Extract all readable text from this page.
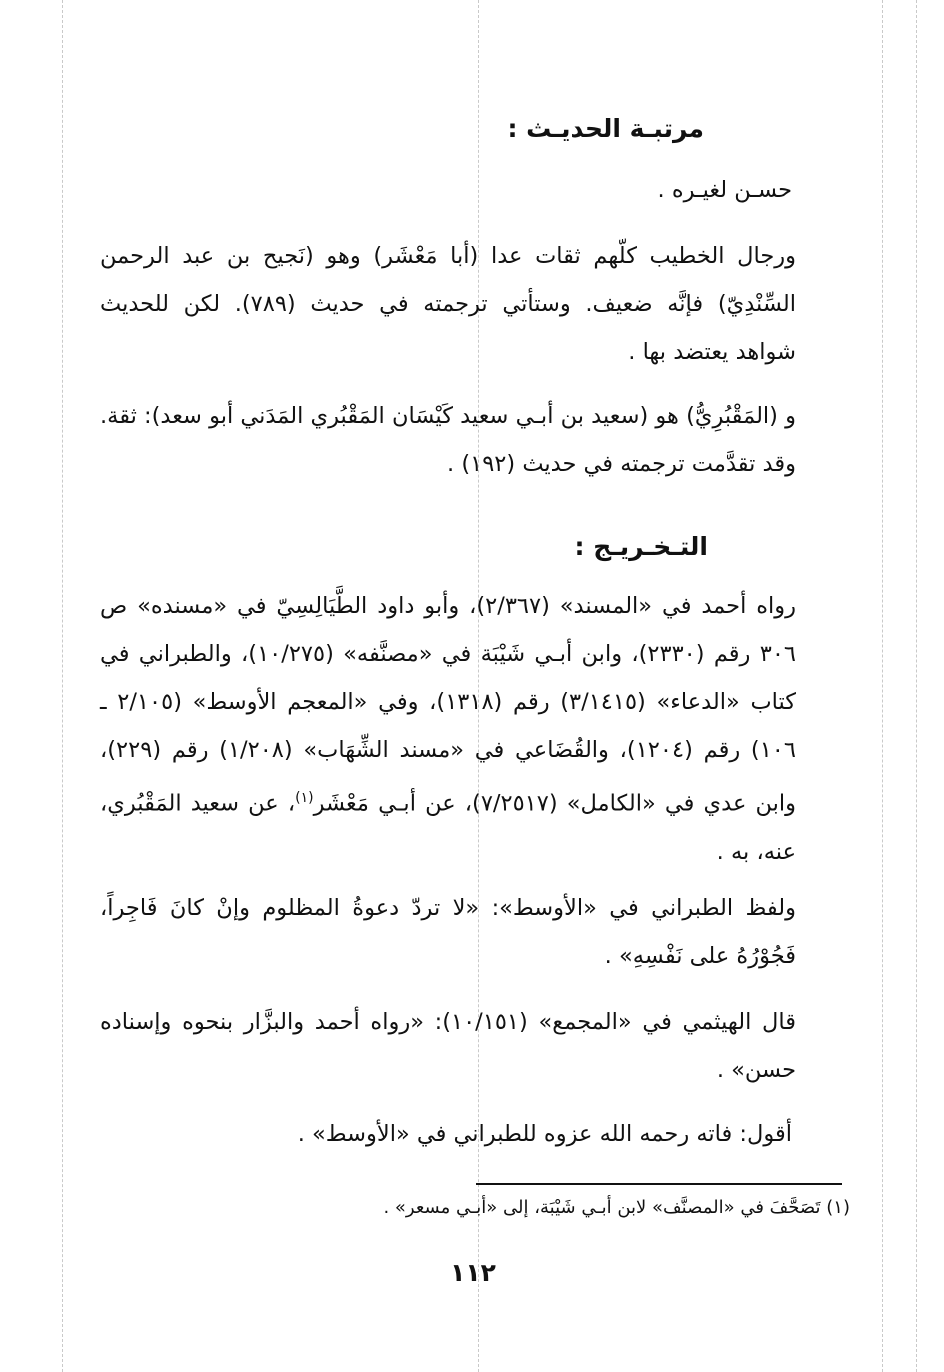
مرتبـة الحديـث :
حسـن لغيـره .
ورجال الخطيب كلّهم ثقات عدا (أبا مَعْشَر) وهو (نَجيح بن عبد الرحمن السِّنْدِيّ) فإنَّه ضعيف. وستأتي ترجمته في حديث (٧٨٩). لكن للحديث شواهد يعتضد بها .
و (المَقْبُرِيُّ) هو (سعيد بن أبـي سعيد كَيْسَان المَقْبُري المَدَني أبو سعد): ثقة. وقد تقدَّمت ترجمته في حديث (١٩٢) .
التـخـريـج :
رواه أحمد في «المسند» (٢/٣٦٧)، وأبو داود الطَّيَالِسِيّ في «مسنده» ص ٣٠٦ رقم (٢٣٣٠)، وابن أبـي شَيْبَة في «مصنَّفه» (١٠/٢٧٥)، والطبراني في كتاب «الدعاء» (٣/١٤١٥) رقم (١٣١٨)، وفي «المعجم الأوسط» (٢/١٠٥ ـ ١٠٦) رقم (١٢٠٤)، والقُضَاعي في «مسند الشِّهَاب» (١/٢٠٨) رقم (٢٢٩)، وابن عدي في «الكامل» (٧/٢٥١٧)، عن أبـي مَعْشَر$^{(١)}$، عن سعيد المَقْبُري، عنه، به .
ولفظ الطبراني في «الأوسط»: «لا تردّ دعوةُ المظلوم وإنْ كانَ فَاجِراً، فَجُوْرُهُ على نَفْسِهِ» .
قال الهيثمي في «المجمع» (١٠/١٥١): «رواه أحمد والبزَّار بنحوه وإسناده حسن» .
أقول: فاته رحمه الله عزوه للطبراني في «الأوسط» .
(١) تَصَحَّفَ في «المصنَّف» لابن أبـي شَيْبَة، إلى «أبـي مسعر» .
١١٢
